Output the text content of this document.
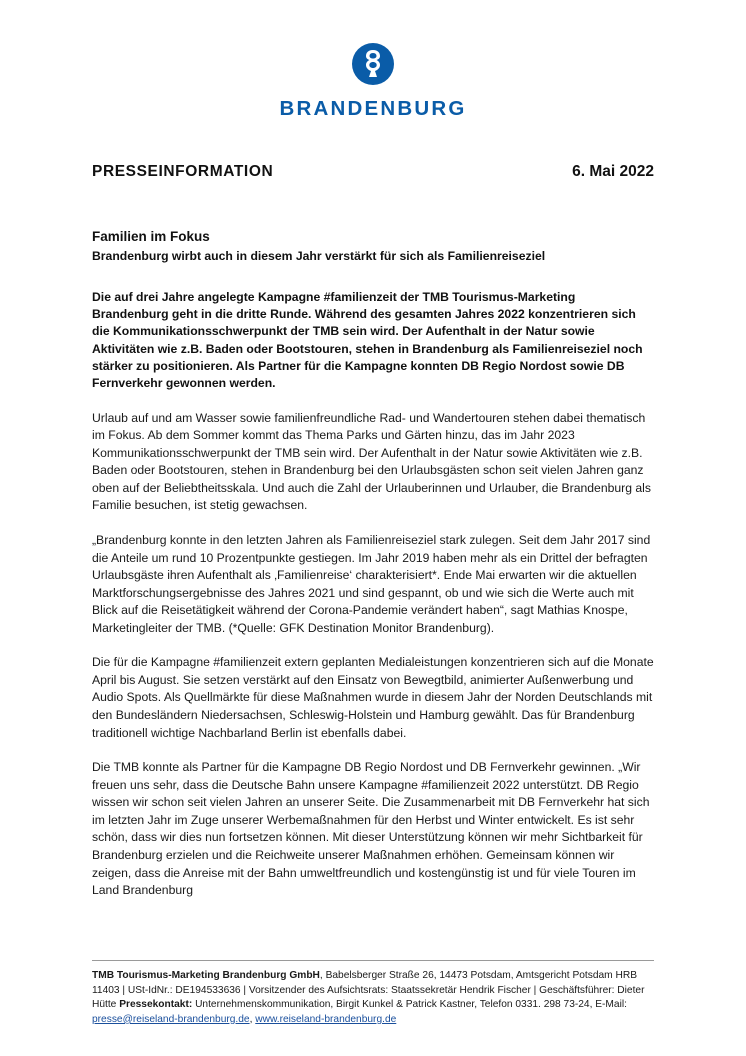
BRANDENBURG
PRESSEINFORMATION	6. Mai 2022
Familien im Fokus
Brandenburg wirbt auch in diesem Jahr verstärkt für sich als Familienreiseziel
Die auf drei Jahre angelegte Kampagne #familienzeit der TMB Tourismus-Marketing Brandenburg geht in die dritte Runde. Während des gesamten Jahres 2022 konzentrieren sich die Kommunikationsschwerpunkt der TMB sein wird. Der Aufenthalt in der Natur sowie Aktivitäten wie z.B. Baden oder Bootstouren, stehen in Brandenburg als Familienreiseziel noch stärker zu positionieren. Als Partner für die Kampagne konnten DB Regio Nordost sowie DB Fernverkehr gewonnen werden.

Urlaub auf und am Wasser sowie familienfreundliche Rad- und Wandertouren stehen dabei thematisch im Fokus. Ab dem Sommer kommt das Thema Parks und Gärten hinzu, das im Jahr 2023 Kommunikationsschwerpunkt der TMB sein wird. Der Aufenthalt in der Natur sowie Aktivitäten wie z.B. Baden oder Bootstouren, stehen in Brandenburg bei den Urlaubsgästen schon seit vielen Jahren ganz oben auf der Beliebtheitsskala. Und auch die Zahl der Urlauberinnen und Urlauber, die Brandenburg als Familie besuchen, ist stetig gewachsen.

„Brandenburg konnte in den letzten Jahren als Familienreiseziel stark zulegen. Seit dem Jahr 2017 sind die Anteile um rund 10 Prozentpunkte gestiegen. Im Jahr 2019 haben mehr als ein Drittel der befragten Urlaubsgäste ihren Aufenthalt als ‚Familienreise‘ charakterisiert*. Ende Mai erwarten wir die aktuellen Marktforschungsergebnisse des Jahres 2021 und sind gespannt, ob und wie sich die Werte auch mit Blick auf die Reisetätigkeit während der Corona-Pandemie verändert haben“, sagt Mathias Knospe, Marketingleiter der TMB. (*Quelle: GFK Destination Monitor Brandenburg).

Die für die Kampagne #familienzeit extern geplanten Medialeistungen konzentrieren sich auf die Monate April bis August. Sie setzen verstärkt auf den Einsatz von Bewegtbild, animierter Außenwerbung und Audio Spots. Als Quellmärkte für diese Maßnahmen wurde in diesem Jahr der Norden Deutschlands mit den Bundesländern Niedersachsen, Schleswig-Holstein und Hamburg gewählt. Das für Brandenburg traditionell wichtige Nachbarland Berlin ist ebenfalls dabei.

Die TMB konnte als Partner für die Kampagne DB Regio Nordost und DB Fernverkehr gewinnen. „Wir freuen uns sehr, dass die Deutsche Bahn unsere Kampagne #familienzeit 2022 unterstützt. DB Regio wissen wir schon seit vielen Jahren an unserer Seite. Die Zusammenarbeit mit DB Fernverkehr hat sich im letzten Jahr im Zuge unserer Werbemaßnahmen für den Herbst und Winter entwickelt. Es ist sehr schön, dass wir dies nun fortsetzen können. Mit dieser Unterstützung können wir mehr Sichtbarkeit für Brandenburg erzielen und die Reichweite unserer Maßnahmen erhöhen. Gemeinsam können wir zeigen, dass die Anreise mit der Bahn umweltfreundlich und kostengünstig ist und für viele Touren im Land Brandenburg

TMB Tourismus-Marketing Brandenburg GmbH, Babelsberger Straße 26, 14473 Potsdam, Amtsgericht Potsdam HRB 11403 | USt-IdNr.: DE194533636 | Vorsitzender des Aufsichtsrats: Staatssekretär Hendrik Fischer | Geschäftsführer: Dieter Hütte Pressekontakt: Unternehmenskommunikation, Birgit Kunkel & Patrick Kastner, Telefon 0331. 298 73-24, E-Mail: presse@reiseland-brandenburg.de, www.reiseland-brandenburg.de
